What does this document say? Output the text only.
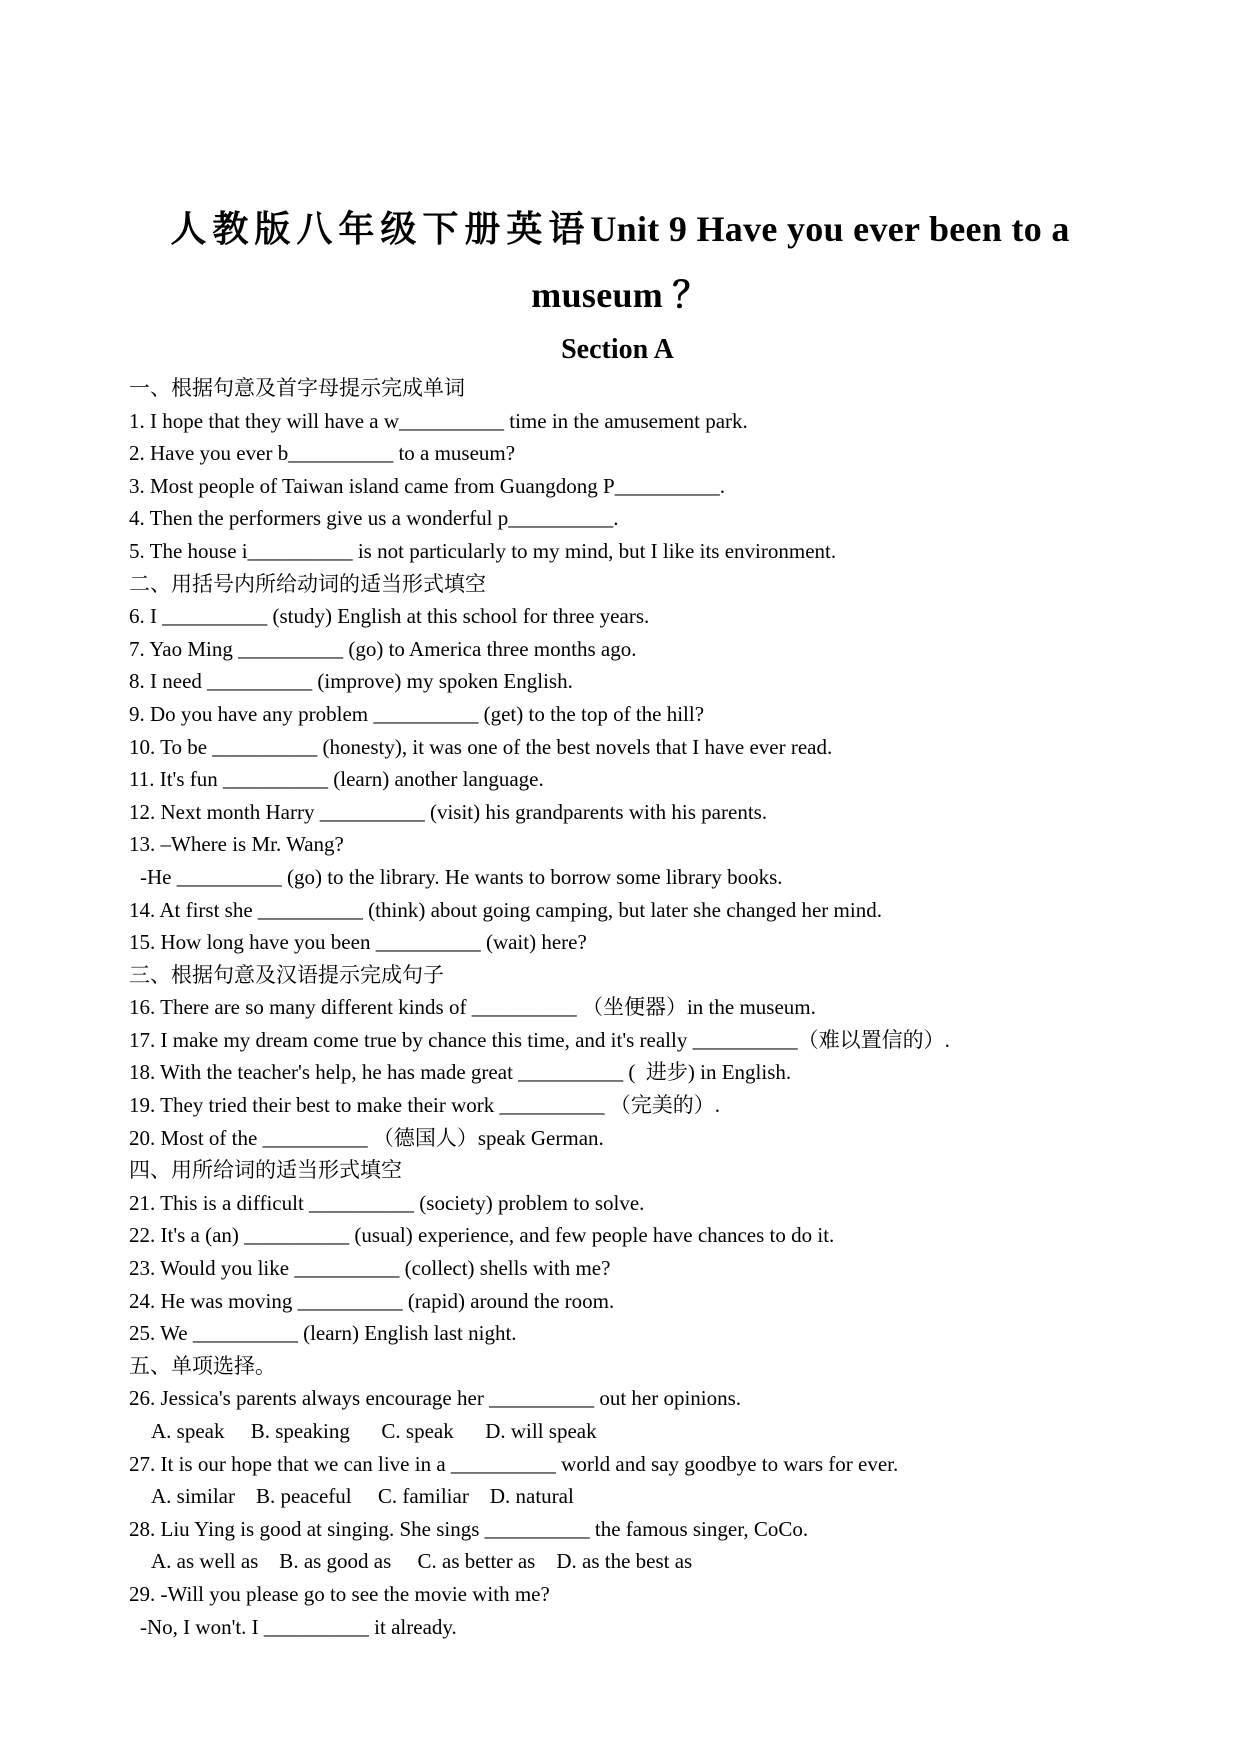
人教版八年级下册英语Unit 9 Have you ever been to a
museum ？
Section A
一、根据句意及首字母提示完成单词
1. I hope that they will have a w__________ time in the amusement park.
2. Have you ever b__________ to a museum?
3. Most people of Taiwan island came from Guangdong P__________.
4. Then the performers give us a wonderful p__________.
5. The house i__________ is not particularly to my mind, but I like its environment.
二、用括号内所给动词的适当形式填空
6. I __________ (study) English at this school for three years.
7. Yao Ming __________ (go) to America three months ago.
8. I need __________ (improve) my spoken English.
9. Do you have any problem __________ (get) to the top of the hill?
10. To be __________ (honesty), it was one of the best novels that I have ever read.
11. It's fun __________ (learn) another language.
12. Next month Harry __________ (visit) his grandparents with his parents.
13. –Where is Mr. Wang?
-He __________ (go) to the library. He wants to borrow some library books.
14. At first she __________ (think) about going camping, but later she changed her mind.
15. How long have you been __________ (wait) here?
三、根据句意及汉语提示完成句子
16. There are so many different kinds of __________ （坐便器）in the museum.
17. I make my dream come true by chance this time, and it's really __________（难以置信的）.
18. With the teacher's help, he has made great __________ (  进步) in English.
19. They tried their best to make their work __________ （完美的）.
20. Most of the __________ （德国人）speak German.
四、用所给词的适当形式填空
21. This is a difficult __________ (society) problem to solve.
22. It's a (an) __________ (usual) experience, and few people have chances to do it.
23. Would you like __________ (collect) shells with me?
24. He was moving __________ (rapid) around the room.
25. We __________ (learn) English last night.
五、单项选择。
26. Jessica's parents always encourage her __________ out her opinions.
A. speak     B. speaking      C. speak      D. will speak
27. It is our hope that we can live in a __________ world and say goodbye to wars for ever.
A. similar    B. peaceful     C. familiar    D. natural
28. Liu Ying is good at singing. She sings __________ the famous singer, CoCo.
A. as well as    B. as good as     C. as better as    D. as the best as
29. -Will you please go to see the movie with me?
-No, I won't. I __________ it already.
